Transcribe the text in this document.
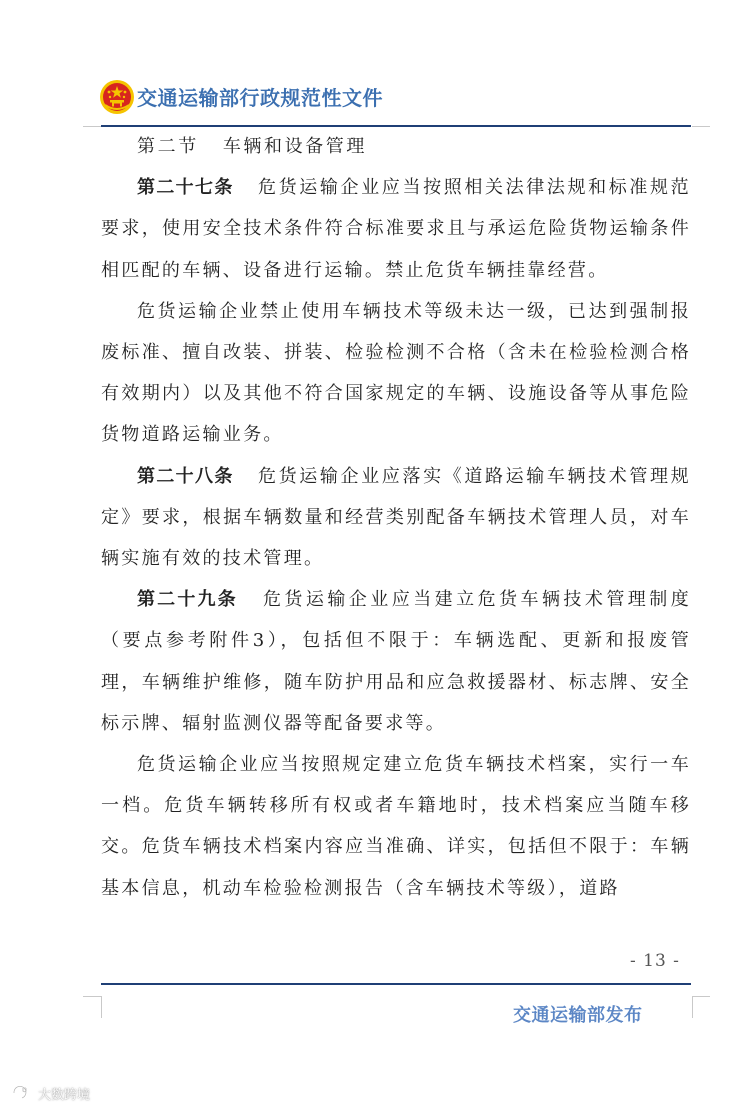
交通运输部行政规范性文件
第二节 车辆和设备管理

第二十七条 危货运输企业应当按照相关法律法规和标准规范要求，使用安全技术条件符合标准要求且与承运危险货物运输条件相匹配的车辆、设备进行运输。禁止危货车辆挂靠经营。

危货运输企业禁止使用车辆技术等级未达一级，已达到强制报废标准、擅自改装、拼装、检验检测不合格（含未在检验检测合格有效期内）以及其他不符合国家规定的车辆、设施设备等从事危险货物道路运输业务。

第二十八条 危货运输企业应落实《道路运输车辆技术管理规定》要求，根据车辆数量和经营类别配备车辆技术管理人员，对车辆实施有效的技术管理。

第二十九条 危货运输企业应当建立危货车辆技术管理制度（要点参考附件3），包括但不限于：车辆选配、更新和报废管理，车辆维护维修，随车防护用品和应急救援器材、标志牌、安全标示牌、辐射监测仪器等配备要求等。

危货运输企业应当按照规定建立危货车辆技术档案，实行一车一档。危货车辆转移所有权或者车籍地时，技术档案应当随车移交。危货车辆技术档案内容应当准确、详实，包括但不限于：车辆基本信息，机动车检验检测报告（含车辆技术等级），道路

- 13 -
交通运输部发布
o 大数跨境
